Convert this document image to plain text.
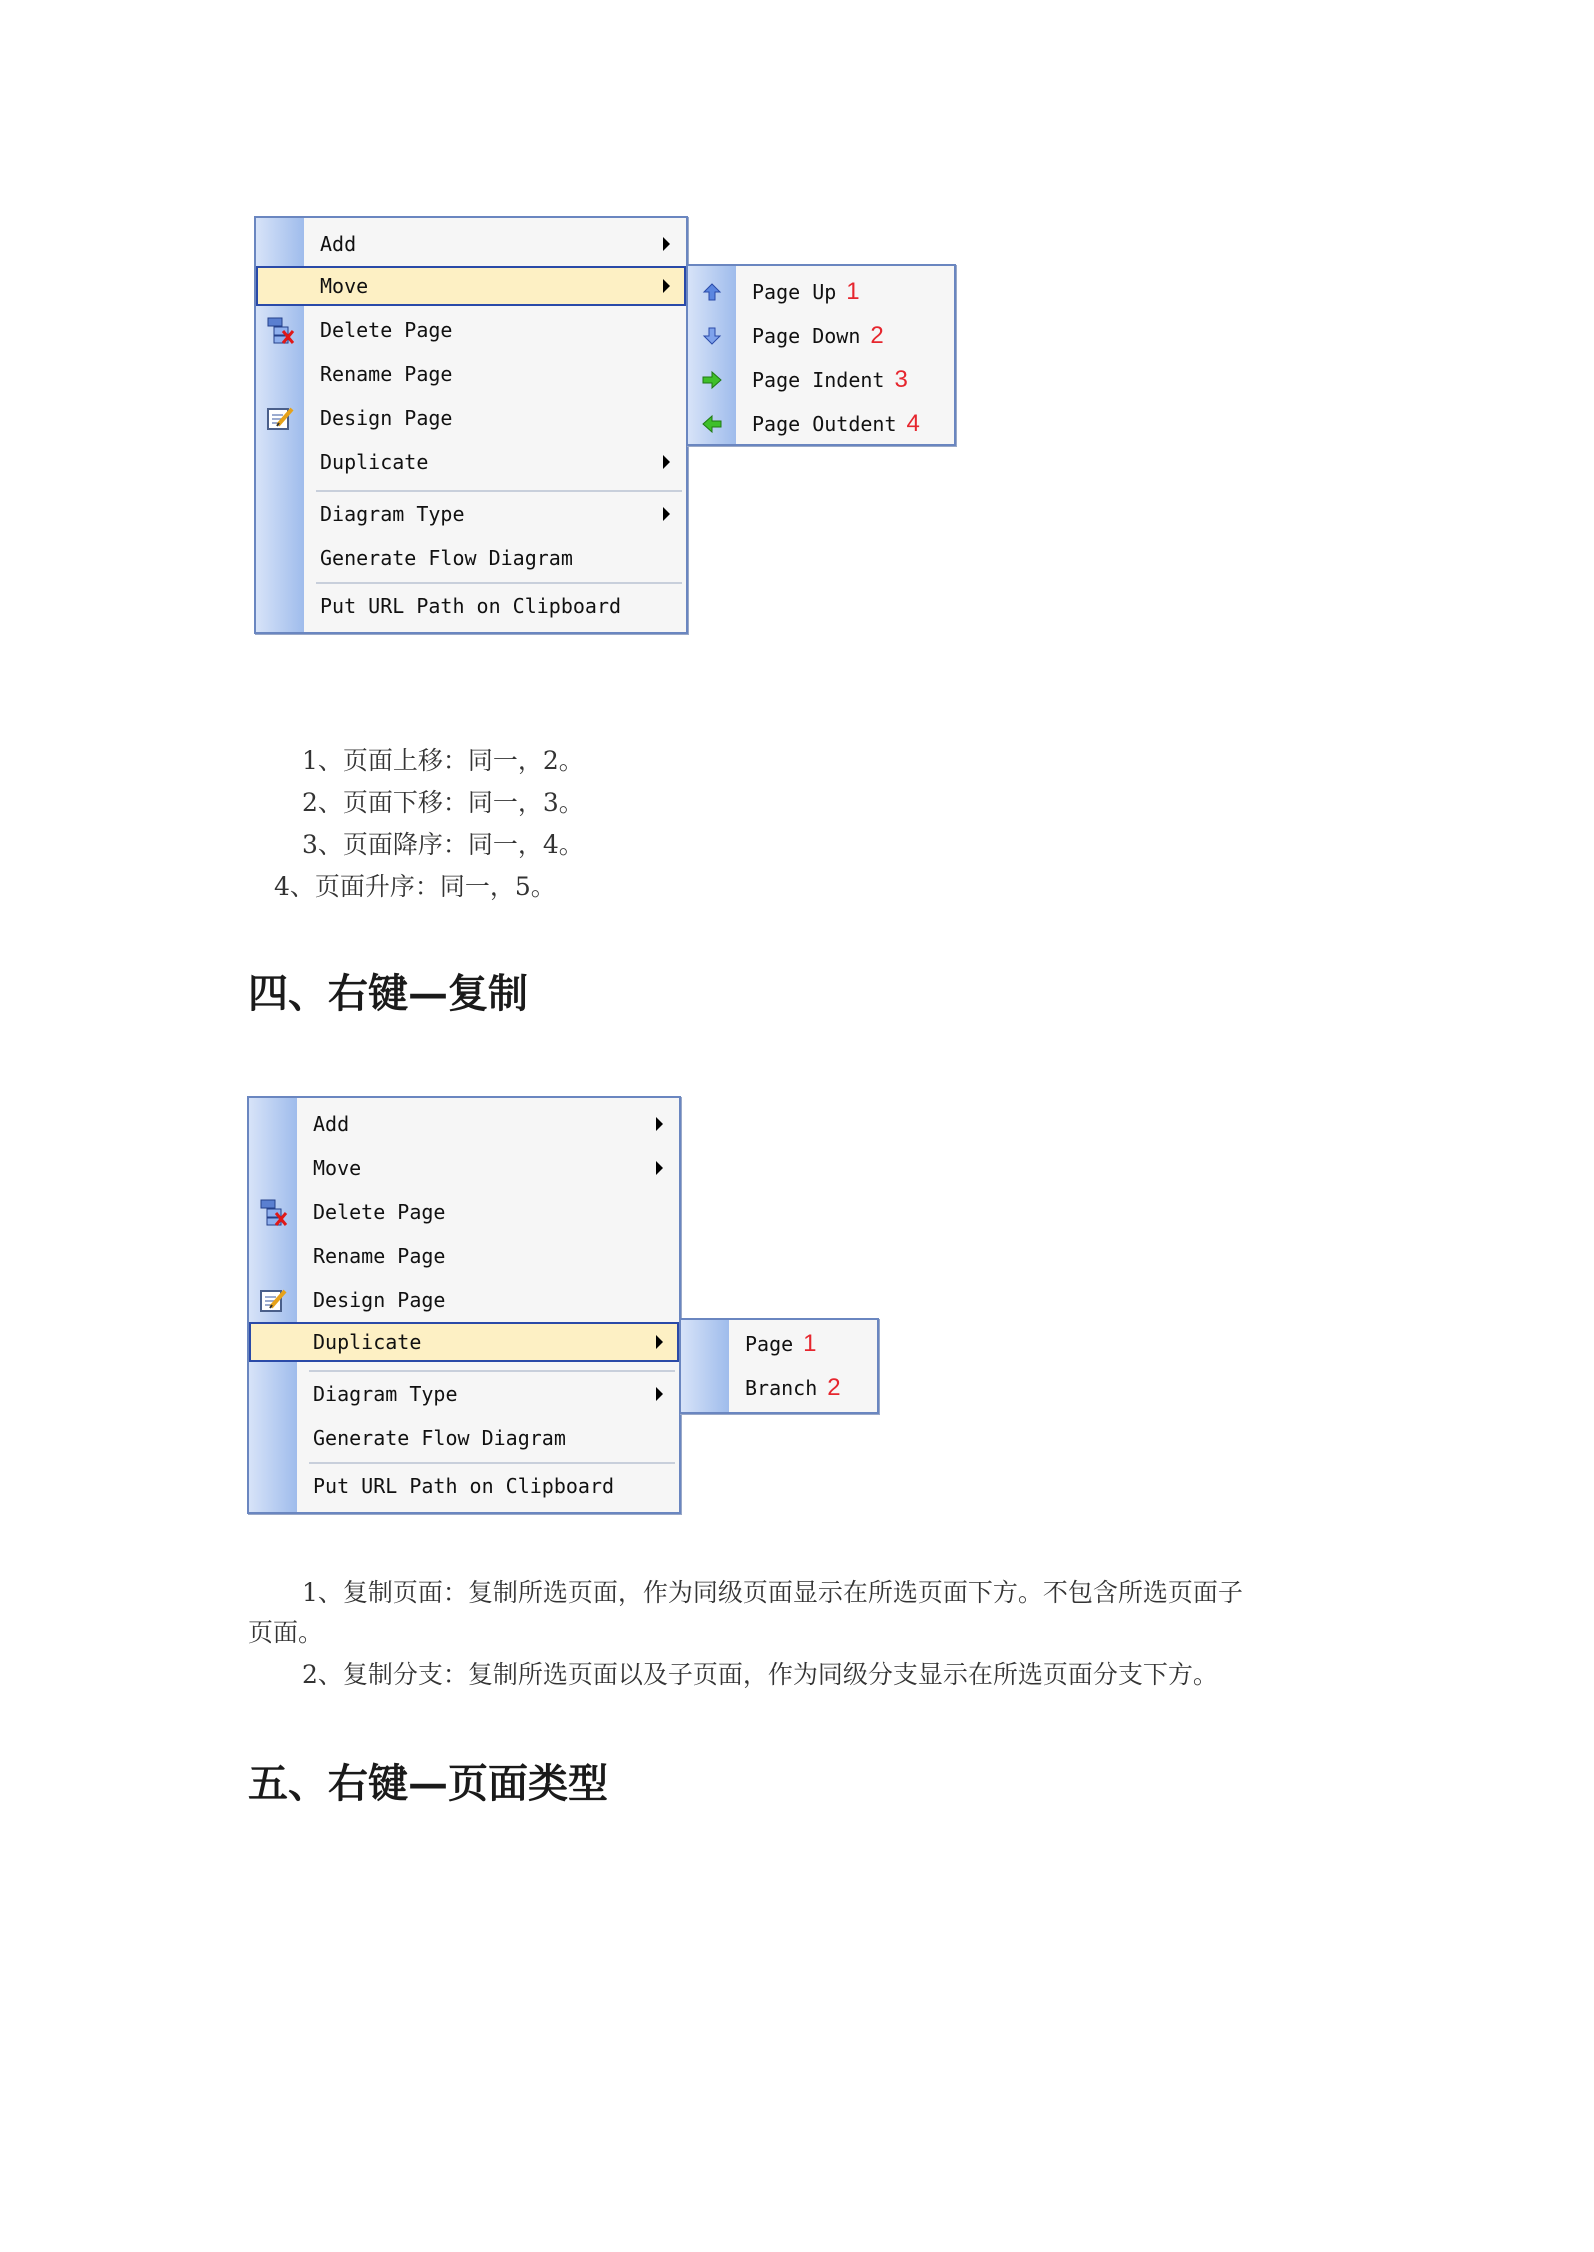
Add
Move
Delete Page
Rename Page
Design Page
Duplicate
Diagram Type
Generate Flow Diagram
Put URL Path on Clipboard
Page Up 1
Page Down 2
Page Indent 3
Page Outdent 4
1、页面上移：同一，2。
2、页面下移：同一，3。
3、页面降序：同一，4。
4、页面升序：同一，5。
四、右键—复制
Add
Move
Delete Page
Rename Page
Design Page
Duplicate
Diagram Type
Generate Flow Diagram
Put URL Path on Clipboard
Page 1
Branch 2
1、复制页面：复制所选页面，作为同级页面显示在所选页面下方。不包含所选页面子
页面。
2、复制分支：复制所选页面以及子页面，作为同级分支显示在所选页面分支下方。
五、右键—页面类型
